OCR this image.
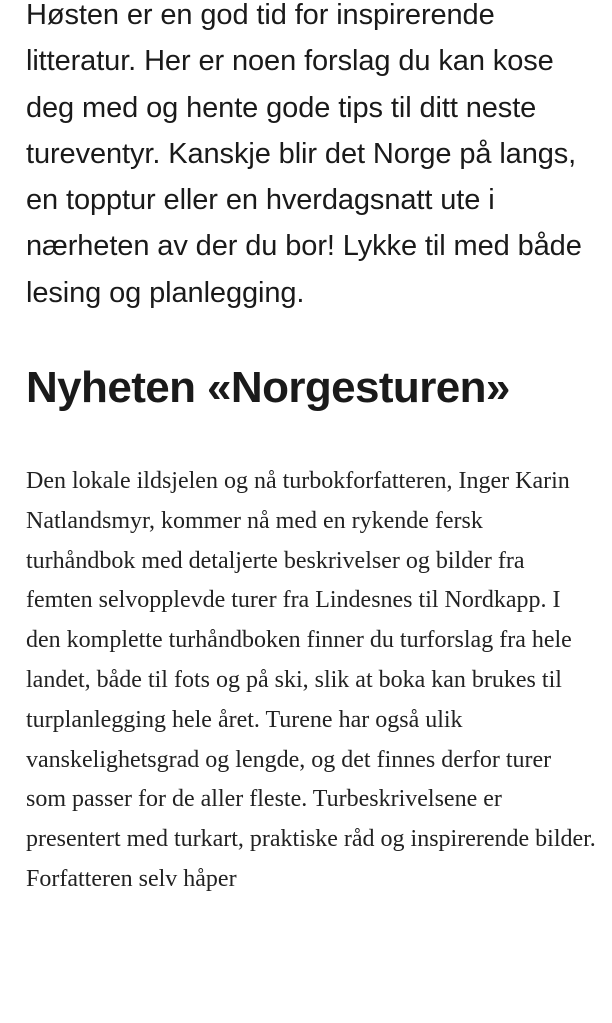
Høsten er en god tid for inspirerende litteratur. Her er noen forslag du kan kose deg med og hente gode tips til ditt neste tureventyr. Kanskje blir det Norge på langs, en topptur eller en hverdagsnatt ute i nærheten av der du bor! Lykke til med både lesing og planlegging.

Nyheten «Norgesturen»

Den lokale ildsjelen og nå turbokforfatteren, Inger Karin Natlandsmyr, kommer nå med en rykende fersk turhåndbok med detaljerte beskrivelser og bilder fra femten selvopplevde turer fra Lindesnes til Nordkapp. I den komplette turhåndboken finner du turforslag fra hele landet, både til fots og på ski, slik at boka kan brukes til turplanlegging hele året. Turene har også ulik vanskelighetsgrad og lengde, og det finnes derfor turer som passer for de aller fleste. Turbeskrivelsene er presentert med turkart, praktiske råd og inspirerende bilder. Forfatteren selv håper
